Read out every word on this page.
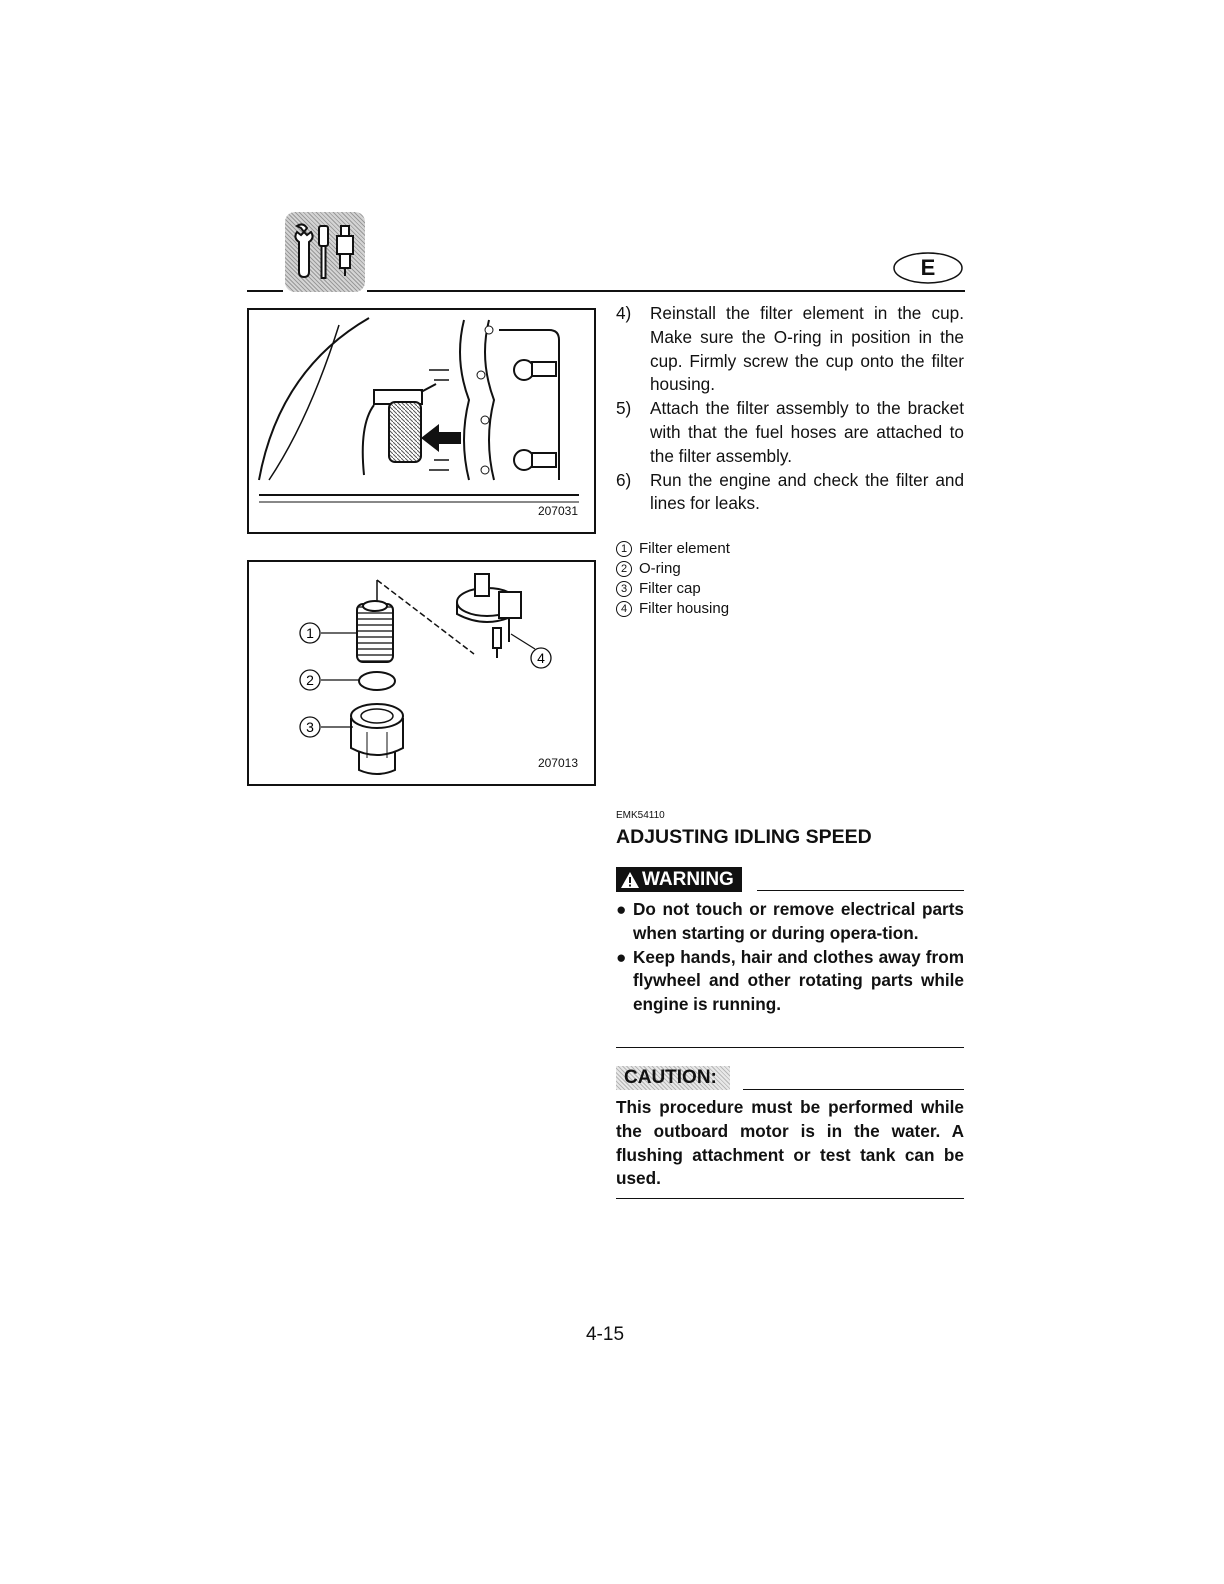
E
207031
1
2
3
4
207013
4)	Reinstall the filter element in the cup. Make sure the O-ring in position in the cup. Firmly screw the cup onto the filter housing.
5)	Attach the filter assembly to the bracket with that the fuel hoses are attached to the filter assembly.
6)	Run the engine and check the filter and lines for leaks.
1 Filter element
2 O-ring
3 Filter cap
4 Filter housing
EMK54110
ADJUSTING IDLING SPEED
WARNING
● Do not touch or remove electrical parts when starting or during opera-tion.
● Keep hands, hair and clothes away from flywheel and other rotating parts while engine is running.
CAUTION:
This procedure must be performed while the outboard motor is in the water. A flushing attachment or test tank can be used.
4-15
